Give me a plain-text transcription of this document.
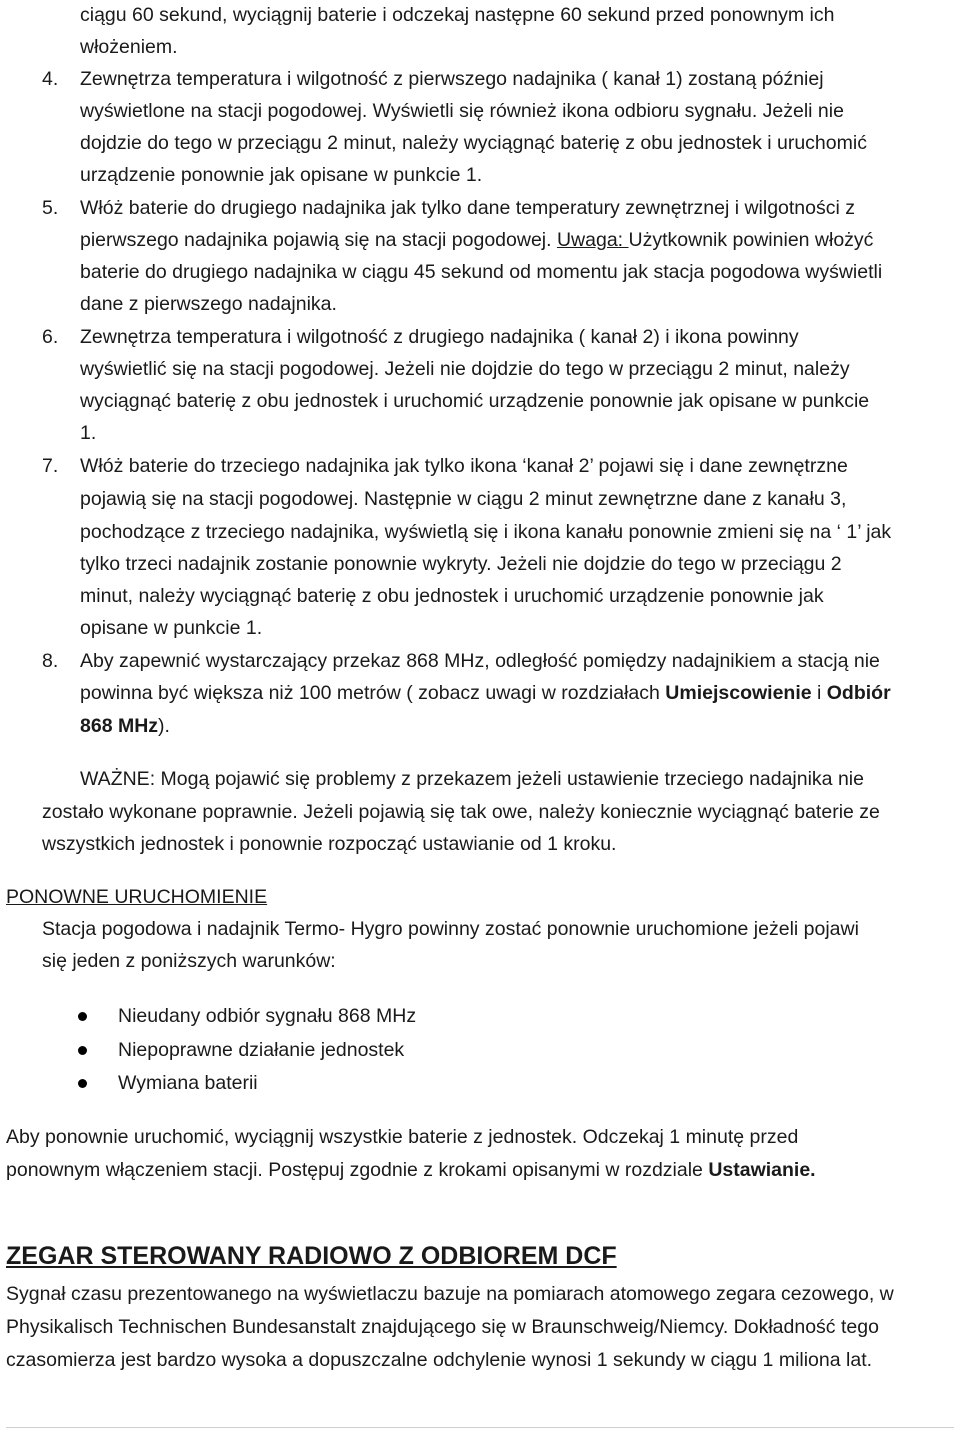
ciągu 60 sekund, wyciągnij baterie i odczekaj następne 60 sekund przed ponownym ich
włożeniem.
4. Zewnętrza temperatura i wilgotność z pierwszego nadajnika ( kanał 1) zostaną później
wyświetlone na stacji pogodowej. Wyświetli się również ikona odbioru sygnału. Jeżeli nie
dojdzie do tego w przeciągu 2 minut, należy wyciągnąć baterię z obu jednostek i uruchomić
urządzenie ponownie jak opisane w punkcie 1.
5. Włóż baterie do drugiego nadajnika jak tylko dane temperatury zewnętrznej i wilgotności z
pierwszego nadajnika pojawią się na stacji pogodowej. Uwaga: Użytkownik powinien włożyć
baterie do drugiego nadajnika w ciągu 45 sekund od momentu jak stacja pogodowa wyświetli
dane z pierwszego nadajnika.
6. Zewnętrza temperatura i wilgotność z drugiego nadajnika ( kanał 2) i ikona powinny
wyświetlić się na stacji pogodowej. Jeżeli nie dojdzie do tego w przeciągu 2 minut, należy
wyciągnąć baterię z obu jednostek i uruchomić urządzenie ponownie jak opisane w punkcie
1.
7. Włóż baterie do trzeciego nadajnika jak tylko ikona ‘kanał 2’ pojawi się i dane zewnętrzne
pojawią się na stacji pogodowej. Następnie w ciągu 2 minut zewnętrzne dane z kanału 3,
pochodzące z trzeciego nadajnika, wyświetlą się i ikona kanału ponownie zmieni się na ‘ 1’ jak
tylko trzeci nadajnik zostanie ponownie wykryty. Jeżeli nie dojdzie do tego w przeciągu 2
minut, należy wyciągnąć baterię z obu jednostek i uruchomić urządzenie ponownie jak
opisane w punkcie 1.
8. Aby zapewnić wystarczający przekaz 868 MHz, odległość pomiędzy nadajnikiem a stacją nie
powinna być większa niż 100 metrów ( zobacz uwagi w rozdziałach Umiejscowienie i Odbiór
868 MHz).
WAŻNE: Mogą pojawić się problemy z przekazem jeżeli ustawienie trzeciego nadajnika nie
zostało wykonane poprawnie. Jeżeli pojawią się tak owe, należy koniecznie wyciągnąć baterie ze
wszystkich jednostek i ponownie rozpocząć ustawianie od 1 kroku.
PONOWNE URUCHOMIENIE
Stacja pogodowa i nadajnik Termo- Hygro powinny zostać ponownie uruchomione jeżeli pojawi
się jeden z poniższych warunków:
Nieudany odbiór sygnału 868 MHz
Niepoprawne działanie jednostek
Wymiana baterii
Aby ponownie uruchomić, wyciągnij wszystkie baterie z jednostek. Odczekaj 1 minutę przed
ponownym włączeniem stacji. Postępuj zgodnie z krokami opisanymi w rozdziale Ustawianie.
ZEGAR STEROWANY RADIOWO Z ODBIOREM DCF
Sygnał czasu prezentowanego na wyświetlaczu bazuje na pomiarach atomowego zegara cezowego, w
Physikalisch Technischen Bundesanstalt znajdującego się w Braunschweig/Niemcy. Dokładność tego
czasomierza jest bardzo wysoka a dopuszczalne odchylenie wynosi 1 sekundy w ciągu 1 miliona lat.
